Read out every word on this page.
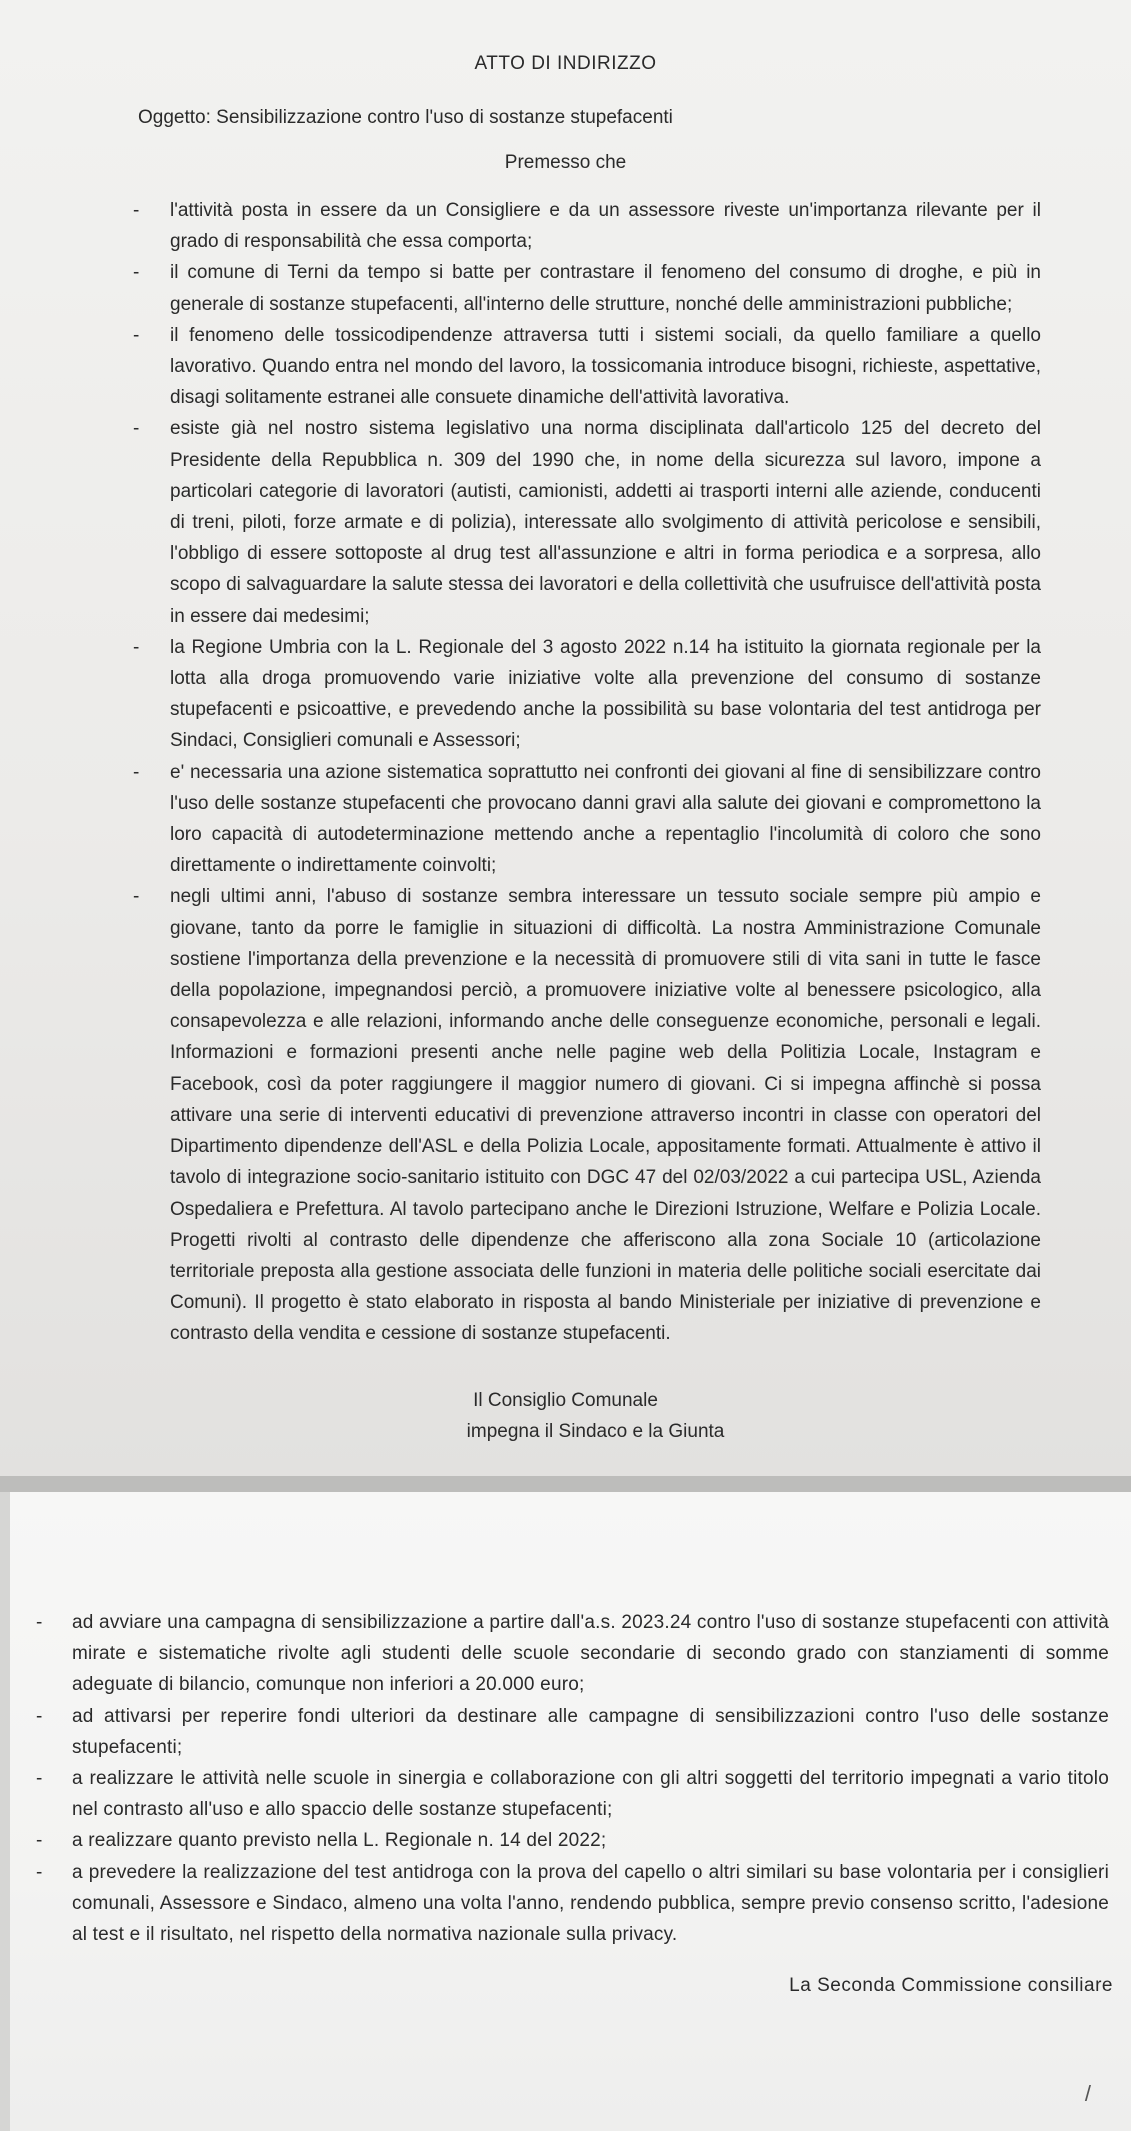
ATTO DI INDIRIZZO

Oggetto: Sensibilizzazione contro l'uso di sostanze stupefacenti

Premesso che

- l'attività posta in essere da un Consigliere e da un assessore riveste un'importanza rilevante per il grado di responsabilità che essa comporta;
- il comune di Terni da tempo si batte per contrastare il fenomeno del consumo di droghe, e più in generale di sostanze stupefacenti, all'interno delle strutture, nonché delle amministrazioni pubbliche;
- il fenomeno delle tossicodipendenze attraversa tutti i sistemi sociali, da quello familiare a quello lavorativo. Quando entra nel mondo del lavoro, la tossicomania introduce bisogni, richieste, aspettative, disagi solitamente estranei alle consuete dinamiche dell'attività lavorativa.
- esiste già nel nostro sistema legislativo una norma disciplinata dall'articolo 125 del decreto del Presidente della Repubblica n. 309 del 1990 che, in nome della sicurezza sul lavoro, impone a particolari categorie di lavoratori (autisti, camionisti, addetti ai trasporti interni alle aziende, conducenti di treni, piloti, forze armate e di polizia), interessate allo svolgimento di attività pericolose e sensibili, l'obbligo di essere sottoposte al drug test all'assunzione e altri in forma periodica e a sorpresa, allo scopo di salvaguardare la salute stessa dei lavoratori e della collettività che usufruisce dell'attività posta in essere dai medesimi;
- la Regione Umbria con la L. Regionale del 3 agosto 2022 n.14 ha istituito la giornata regionale per la lotta alla droga promuovendo varie iniziative volte alla prevenzione del consumo di sostanze stupefacenti e psicoattive, e prevedendo anche la possibilità su base volontaria del test antidroga per Sindaci, Consiglieri comunali e Assessori;
- e' necessaria una azione sistematica soprattutto nei confronti dei giovani al fine di sensibilizzare contro l'uso delle sostanze stupefacenti che provocano danni gravi alla salute dei giovani e compromettono la loro capacità di autodeterminazione mettendo anche a repentaglio l'incolumità di coloro che sono direttamente o indirettamente coinvolti;
- negli ultimi anni, l'abuso di sostanze sembra interessare un tessuto sociale sempre più ampio e giovane, tanto da porre le famiglie in situazioni di difficoltà. La nostra Amministrazione Comunale sostiene l'importanza della prevenzione e la necessità di promuovere stili di vita sani in tutte le fasce della popolazione, impegnandosi perciò, a promuovere iniziative volte al benessere psicologico, alla consapevolezza e alle relazioni, informando anche delle conseguenze economiche, personali e legali. Informazioni e formazioni presenti anche nelle pagine web della Politizia Locale, Instagram e Facebook, così da poter raggiungere il maggior numero di giovani. Ci si impegna affinchè si possa attivare una serie di interventi educativi di prevenzione attraverso incontri in classe con operatori del Dipartimento dipendenze dell'ASL e della Polizia Locale, appositamente formati. Attualmente è attivo il tavolo di integrazione socio-sanitario istituito con DGC 47 del 02/03/2022 a cui partecipa USL, Azienda Ospedaliera e Prefettura. Al tavolo partecipano anche le Direzioni Istruzione, Welfare e Polizia Locale. Progetti rivolti al contrasto delle dipendenze che afferiscono alla zona Sociale 10 (articolazione territoriale preposta alla gestione associata delle funzioni in materia delle politiche sociali esercitate dai Comuni). Il progetto è stato elaborato in risposta al bando Ministeriale per iniziative di prevenzione e contrasto della vendita e cessione di sostanze stupefacenti.
Il Consiglio Comunale
impegna il Sindaco e la Giunta
- ad avviare una campagna di sensibilizzazione a partire dall'a.s. 2023.24 contro l'uso di sostanze stupefacenti con attività mirate e sistematiche rivolte agli studenti delle scuole secondarie di secondo grado con stanziamenti di somme adeguate di bilancio, comunque non inferiori a 20.000 euro;
- ad attivarsi per reperire fondi ulteriori da destinare alle campagne di sensibilizzazioni contro l'uso delle sostanze stupefacenti;
- a realizzare le attività nelle scuole in sinergia e collaborazione con gli altri soggetti del territorio impegnati a vario titolo nel contrasto all'uso e allo spaccio delle sostanze stupefacenti;
- a realizzare quanto previsto nella L. Regionale n. 14 del 2022;
- a prevedere la realizzazione del test antidroga con la prova del capello o altri similari su base volontaria per i consiglieri comunali, Assessore e Sindaco, almeno una volta l'anno, rendendo pubblica, sempre previo consenso scritto, l'adesione al test e il risultato, nel rispetto della normativa nazionale sulla privacy.

La Seconda Commissione consiliare

/
